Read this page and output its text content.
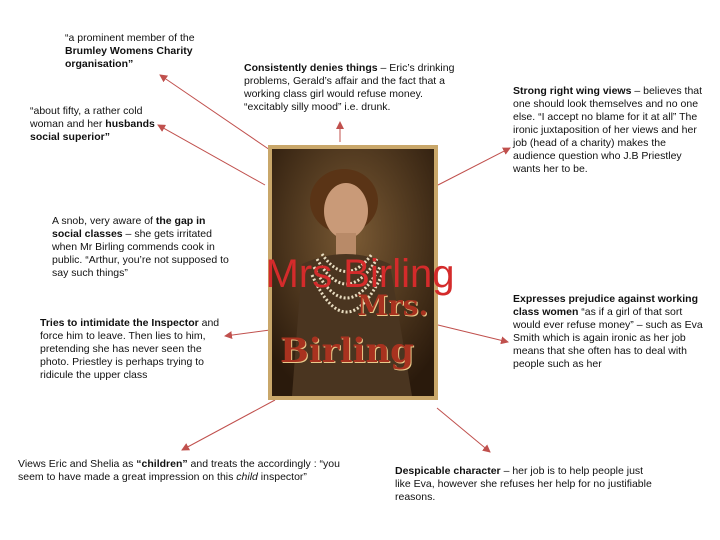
“a prominent member of the Brumley Womens Charity organisation”
“about fifty, a rather cold woman and her husbands social superior”
Consistently denies things – Eric’s drinking problems, Gerald’s affair and the fact that a working class girl would refuse money. “excitably silly mood” i.e. drunk.
Strong right wing views – believes that one should look themselves and no one else. “I accept no blame for it at all” The ironic juxtaposition of her views and her job (head of a charity) makes the audience question who J.B Priestley wants her to be.
A snob, very aware of the gap in social classes – she gets irritated when Mr Birling commends cook in public. “Arthur, you’re not supposed to say such things”
Tries to intimidate the Inspector and force him to leave. Then lies to him, pretending she has never seen the photo. Priestley is perhaps trying to ridicule the upper class
Expresses prejudice against working class women “as if a girl of that sort would ever refuse money” – such as Eva Smith which is again ironic as her job means that she often has to deal with people such as her
Views Eric and Shelia as “children” and treats the accordingly : “you seem to have made a great impression on this child inspector”	Despicable character – her job is to help people just like Eva, however she refuses her help for no justifiable reasons.
Mrs.
Birling
Mrs Birling
